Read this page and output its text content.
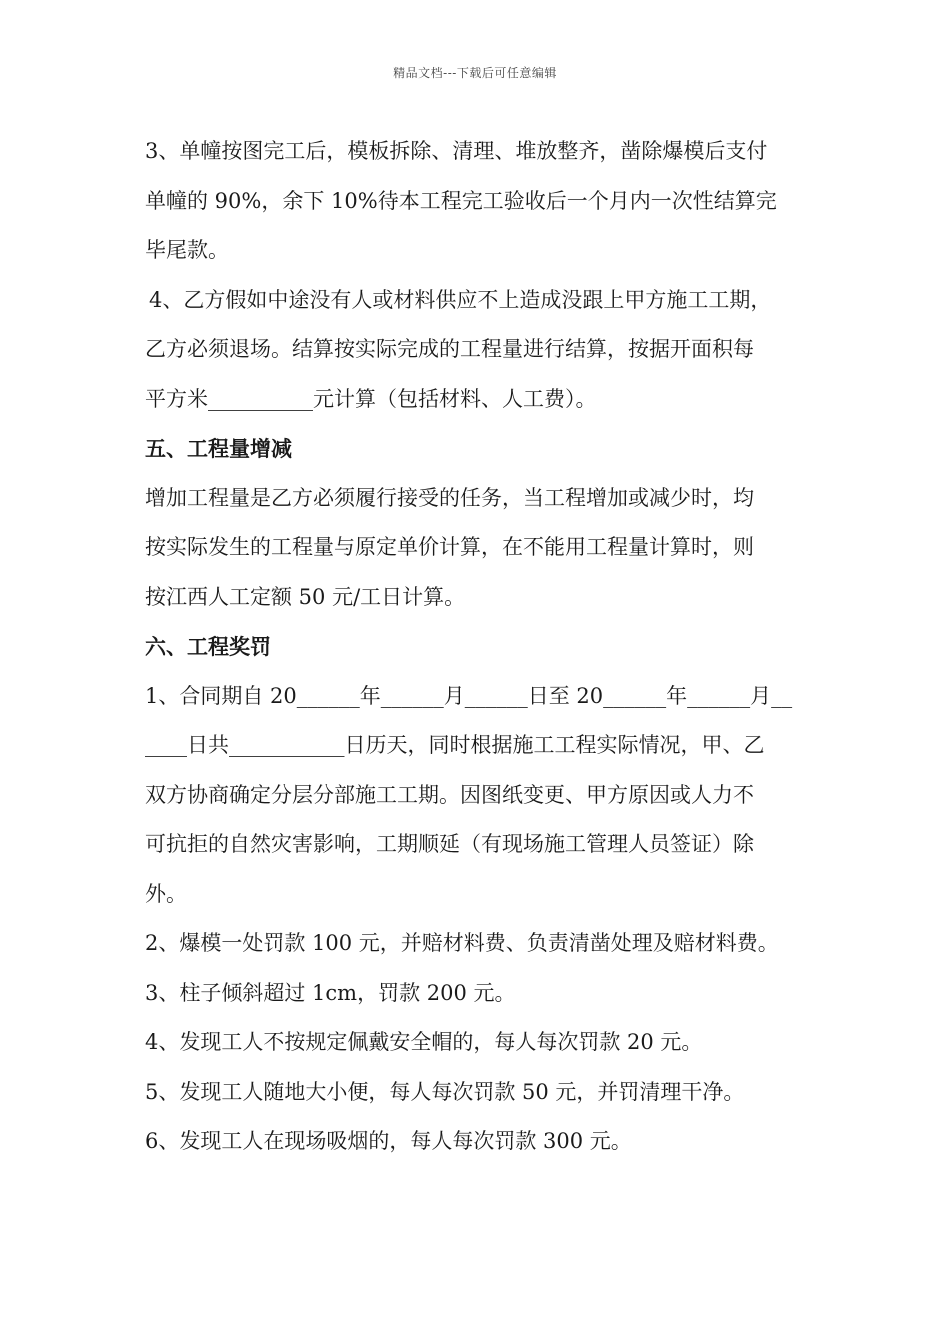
精品文档---下载后可任意编辑
3、单幢按图完工后，模板拆除、清理、堆放整齐，凿除爆模后支付
单幢的 90%，余下 10%待本工程完工验收后一个月内一次性结算完
毕尾款。
4、乙方假如中途没有人或材料供应不上造成没跟上甲方施工工期，
乙方必须退场。结算按实际完成的工程量进行结算，按据开面积每
平方米__________元计算（包括材料、人工费）。
五、工程量增减
增加工程量是乙方必须履行接受的任务，当工程增加或减少时，均
按实际发生的工程量与原定单价计算，在不能用工程量计算时，则
按江西人工定额 50 元/工日计算。
六、工程奖罚
1、合同期自 20______年______月______日至 20______年______月__
____日共___________日历天，同时根据施工工程实际情况，甲、乙
双方协商确定分层分部施工工期。因图纸变更、甲方原因或人力不
可抗拒的自然灾害影响，工期顺延（有现场施工管理人员签证）除
外。
2、爆模一处罚款 100 元，并赔材料费、负责清凿处理及赔材料费。
3、柱子倾斜超过 1cm，罚款 200 元。
4、发现工人不按规定佩戴安全帽的，每人每次罚款 20 元。
5、发现工人随地大小便，每人每次罚款 50 元，并罚清理干净。
6、发现工人在现场吸烟的，每人每次罚款 300 元。
